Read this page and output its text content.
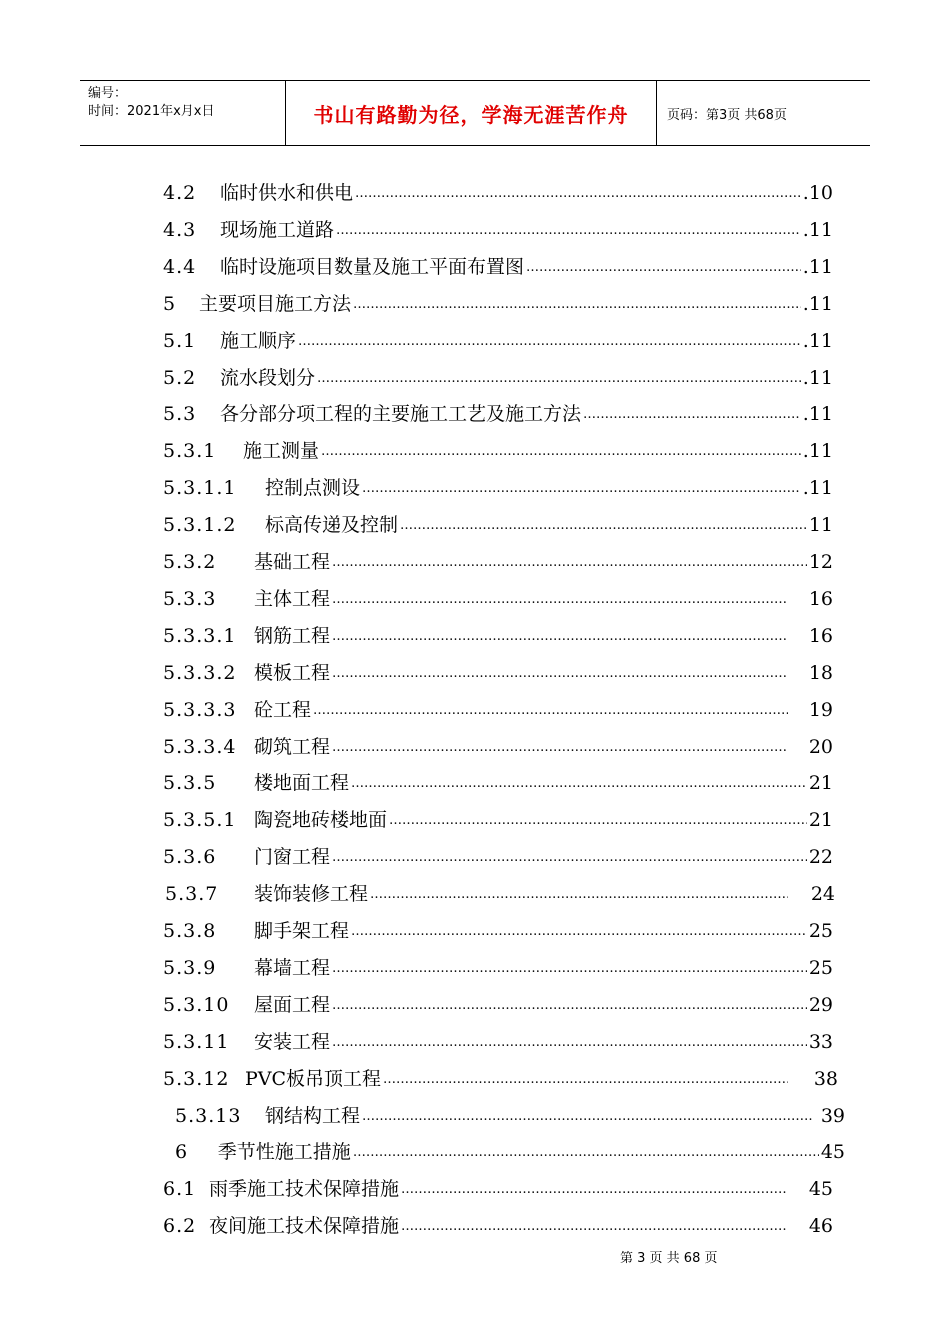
编号：
时间：2021年x月x日	书山有路勤为径，学海无涯苦作舟	页码：第3页 共68页
4.2	临时供水和供电 ……………………………………………………………………………………………………………………………………………………………………………………………………	.10
4.3	现场施工道路 ……………………………………………………………………………………………………………………………………………………………………………………………………	.11
4.4	临时设施项目数量及施工平面布置图 ……………………………………………………………………………………………………………………………………………………………………………………………………	.11
5	主要项目施工方法 ……………………………………………………………………………………………………………………………………………………………………………………………………	.11
5.1	施工顺序 ……………………………………………………………………………………………………………………………………………………………………………………………………	.11
5.2	流水段划分 ……………………………………………………………………………………………………………………………………………………………………………………………………	.11
5.3	各分部分项工程的主要施工工艺及施工方法 ……………………………………………………………………………………………………………………………………………………………………………………………………	.11
5.3.1	施工测量 ……………………………………………………………………………………………………………………………………………………………………………………………………	.11
5.3.1.1	控制点测设 ……………………………………………………………………………………………………………………………………………………………………………………………………	.11
5.3.1.2	标高传递及控制 ……………………………………………………………………………………………………………………………………………………………………………………………………	11
5.3.2	基础工程 ……………………………………………………………………………………………………………………………………………………………………………………………………	12
5.3.3	主体工程 ……………………………………………………………………………………………………………………………………………………………………………………………………	16
5.3.3.1 钢筋工程 ……………………………………………………………………………………………………………………………………………………………………………………………………	16
5.3.3.2 模板工程 ……………………………………………………………………………………………………………………………………………………………………………………………………	18
5.3.3.3 砼工程 ……………………………………………………………………………………………………………………………………………………………………………………………………	19
5.3.3.4 砌筑工程 ……………………………………………………………………………………………………………………………………………………………………………………………………	20
5.3.5	楼地面工程 ……………………………………………………………………………………………………………………………………………………………………………………………………	21
5.3.5.1 陶瓷地砖楼地面 ……………………………………………………………………………………………………………………………………………………………………………………………………	21
5.3.6	门窗工程 ……………………………………………………………………………………………………………………………………………………………………………………………………	22
5.3.7	装饰装修工程 ……………………………………………………………………………………………………………………………………………………………………………………………………	24
5.3.8	脚手架工程 ……………………………………………………………………………………………………………………………………………………………………………………………………	25
5.3.9	幕墙工程 ……………………………………………………………………………………………………………………………………………………………………………………………………	25
5.3.10	屋面工程 ……………………………………………………………………………………………………………………………………………………………………………………………………	29
5.3.11	安装工程 ……………………………………………………………………………………………………………………………………………………………………………………………………	33
5.3.12 PVC板吊顶工程 ……………………………………………………………………………………………………………………………………………………………………………………………………	38
5.3.13	钢结构工程 ……………………………………………………………………………………………………………………………………………………………………………………………………	39
6	季节性施工措施 ……………………………………………………………………………………………………………………………………………………………………………………………………	45
6.1 雨季施工技术保障措施 ……………………………………………………………………………………………………………………………………………………………………………………………………	45
6.2 夜间施工技术保障措施 ……………………………………………………………………………………………………………………………………………………………………………………………………	46
第 3 页 共 68 页
